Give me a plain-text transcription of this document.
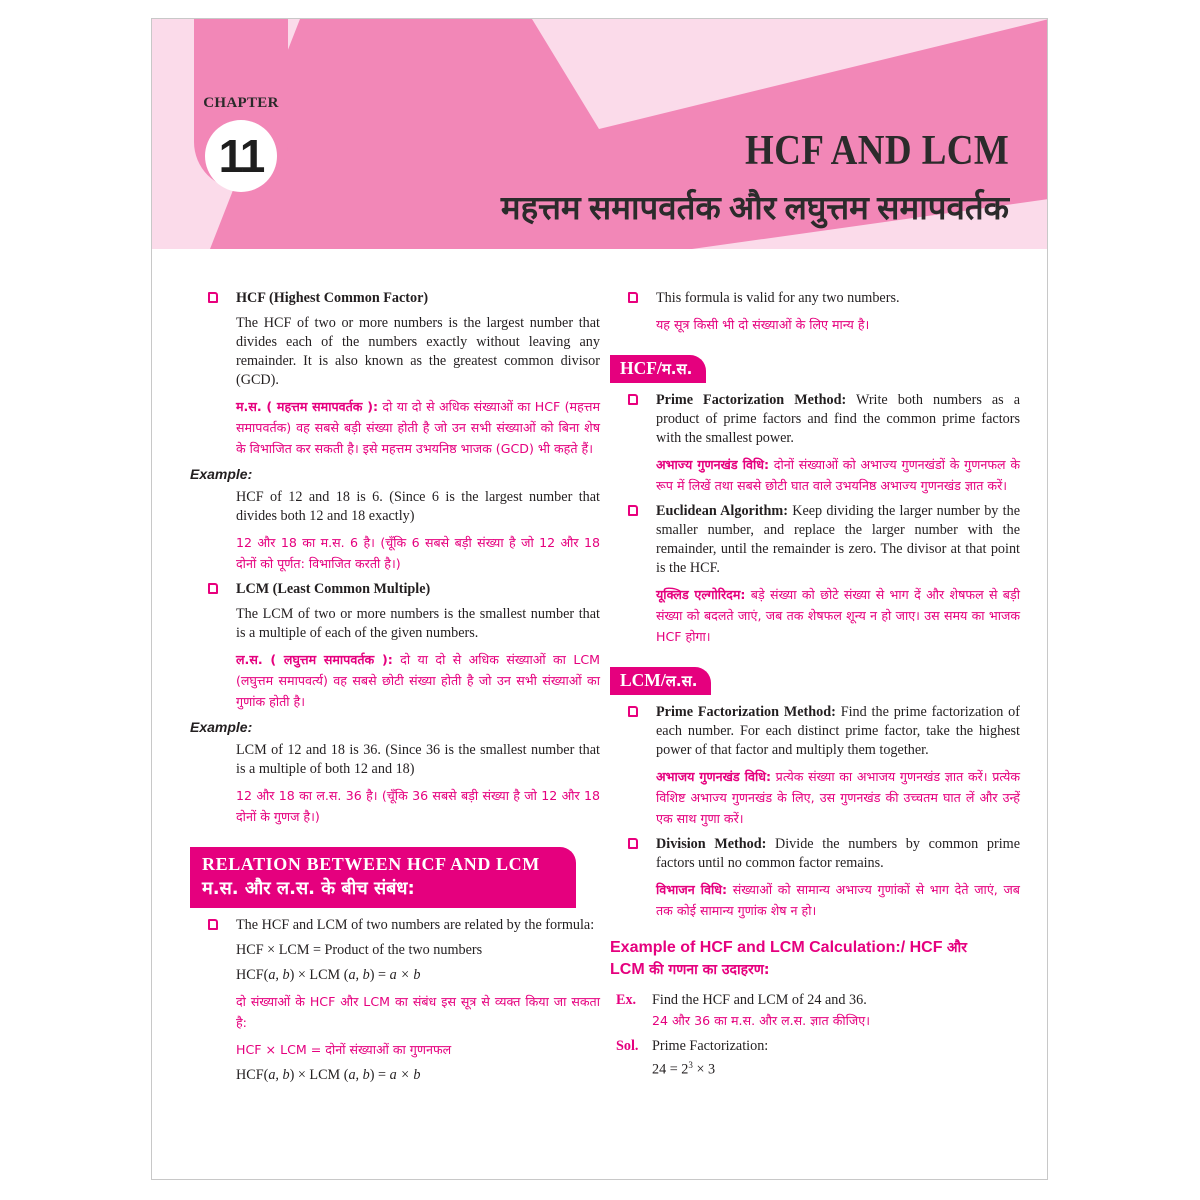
CHAPTER
11	HCF AND LCM
महत्तम समापवर्तक और लघुत्तम समापवर्तक

HCF (Highest Common Factor)

The HCF of two or more numbers is the largest number that divides each of the numbers exactly without leaving any remainder. It is also known as the greatest common divisor (GCD).

म.स. ( महत्तम समापवर्तक ): दो या दो से अधिक संख्याओं का HCF (महत्तम समापवर्तक) वह सबसे बड़ी संख्या होती है जो उन सभी संख्याओं को बिना शेष के विभाजित कर सकती है। इसे महत्तम उभयनिष्ठ भाजक (GCD) भी कहते हैं।

Example:

HCF of 12 and 18 is 6. (Since 6 is the largest number that divides both 12 and 18 exactly)

12 और 18 का म.स. 6 है। (चूँकि 6 सबसे बड़ी संख्या है जो 12 और 18 दोनों को पूर्णत: विभाजित करती है।)

LCM (Least Common Multiple)

The LCM of two or more numbers is the smallest number that is a multiple of each of the given numbers.

ल.स. ( लघुत्तम समापवर्तक ): दो या दो से अधिक संख्याओं का LCM (लघुत्तम समापवर्त्य) वह सबसे छोटी संख्या होती है जो उन सभी संख्याओं का गुणांक होती है।

Example:

LCM of 12 and 18 is 36. (Since 36 is the smallest number that is a multiple of both 12 and 18)

12 और 18 का ल.स. 36 है। (चूँकि 36 सबसे बड़ी संख्या है जो 12 और 18 दोनों के गुणज है।)

RELATION BETWEEN HCF AND LCM
म.स. और ल.स. के बीच संबंध:

The HCF and LCM of two numbers are related by the formula:

HCF × LCM = Product of the two numbers

HCF(a, b) × LCM (a, b) = a × b

दो संख्याओं के HCF और LCM का संबंध इस सूत्र से व्यक्त किया जा सकता है:

HCF × LCM = दोनों संख्याओं का गुणनफल

HCF(a, b) × LCM (a, b) = a × b

This formula is valid for any two numbers.

यह सूत्र किसी भी दो संख्याओं के लिए मान्य है।

HCF/म.स.

Prime Factorization Method: Write both numbers as a product of prime factors and find the common prime factors with the smallest power.

अभाज्य गुणनखंड विधि: दोनों संख्याओं को अभाज्य गुणनखंडों के गुणनफल के रूप में लिखें तथा सबसे छोटी घात वाले उभयनिष्ठ अभाज्य गुणनखंड ज्ञात करें।

Euclidean Algorithm: Keep dividing the larger number by the smaller number, and replace the larger number with the remainder, until the remainder is zero. The divisor at that point is the HCF.

यूक्लिड एल्गोरिदम: बड़े संख्या को छोटे संख्या से भाग दें और शेषफल से बड़ी संख्या को बदलते जाएं, जब तक शेषफल शून्य न हो जाए। उस समय का भाजक HCF होगा।

LCM/ल.स.

Prime Factorization Method: Find the prime factorization of each number. For each distinct prime factor, take the highest power of that factor and multiply them together.

अभाजय गुणनखंड विधि: प्रत्येक संख्या का अभाजय गुणनखंड ज्ञात करें। प्रत्येक विशिष्ट अभाज्य गुणनखंड के लिए, उस गुणनखंड की उच्चतम घात लें और उन्हें एक साथ गुणा करें।

Division Method: Divide the numbers by common prime factors until no common factor remains.

विभाजन विधि: संख्याओं को सामान्य अभाज्य गुणांकों से भाग देते जाएं, जब तक कोई सामान्य गुणांक शेष न हो।

Example of HCF and LCM Calculation:/ HCF और
LCM की गणना का उदाहरण:
Ex. Find the HCF and LCM of 24 and 36.

24 और 36 का म.स. और ल.स. ज्ञात कीजिए।

Sol. Prime Factorization:

$24 = 2^3 \times 3$
